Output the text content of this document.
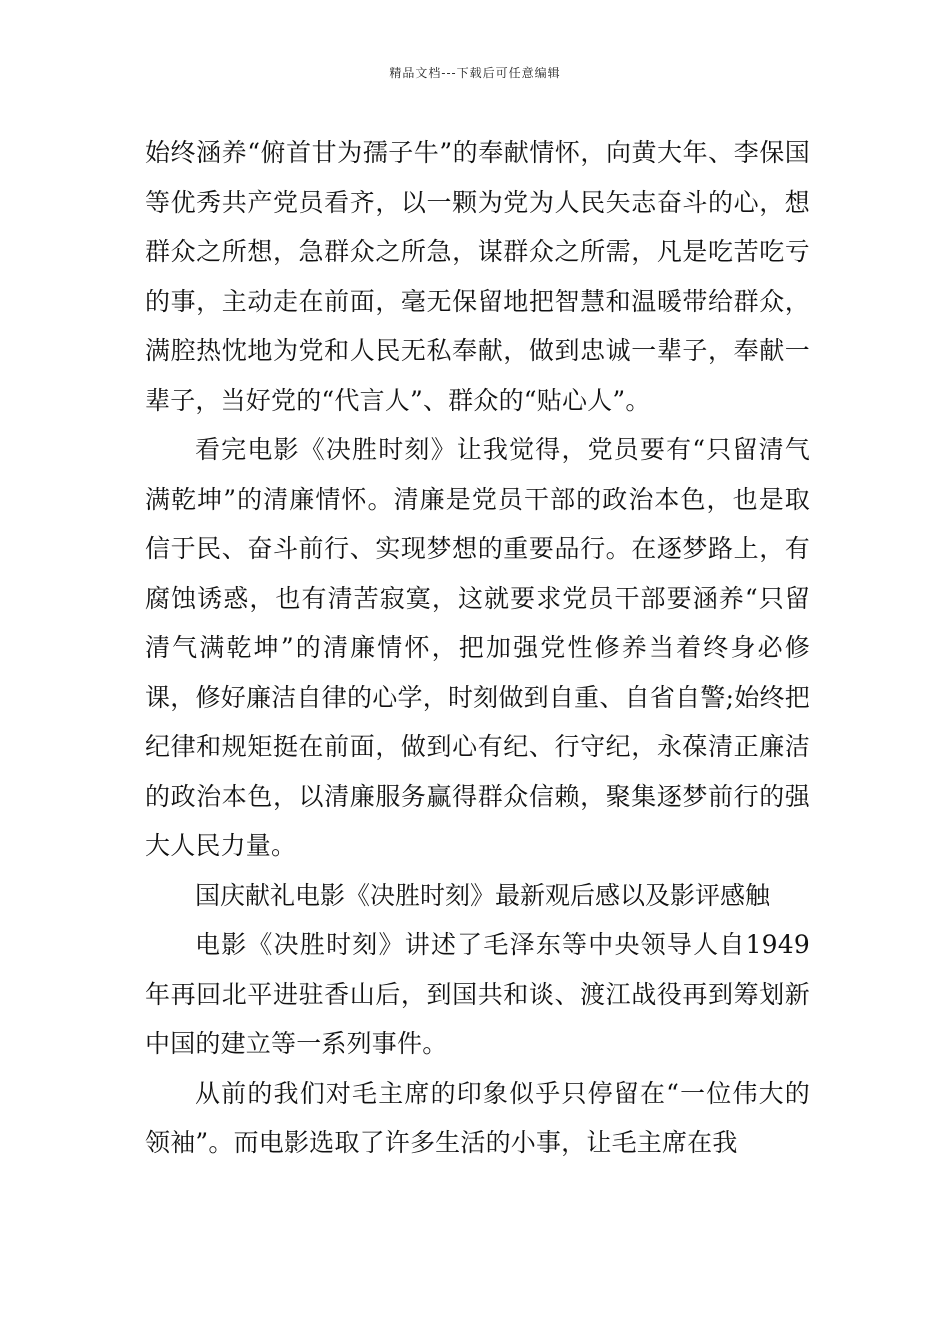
精品文档---下载后可任意编辑

始终涵养“俯首甘为孺子牛”的奉献情怀，向黄大年、李保国等优秀共产党员看齐，以一颗为党为人民矢志奋斗的心，想群众之所想，急群众之所急，谋群众之所需，凡是吃苦吃亏的事，主动走在前面，毫无保留地把智慧和温暖带给群众，满腔热忱地为党和人民无私奉献，做到忠诚一辈子，奉献一辈子，当好党的“代言人”、群众的“贴心人”。

看完电影《决胜时刻》让我觉得，党员要有“只留清气满乾坤”的清廉情怀。清廉是党员干部的政治本色，也是取信于民、奋斗前行、实现梦想的重要品行。在逐梦路上，有腐蚀诱惑，也有清苦寂寞，这就要求党员干部要涵养“只留清气满乾坤”的清廉情怀，把加强党性修养当着终身必修课，修好廉洁自律的心学，时刻做到自重、自省自警;始终把纪律和规矩挺在前面，做到心有纪、行守纪，永葆清正廉洁的政治本色，以清廉服务赢得群众信赖，聚集逐梦前行的强大人民力量。

国庆献礼电影《决胜时刻》最新观后感以及影评感触

电影《决胜时刻》讲述了毛泽东等中央领导人自1949年再回北平进驻香山后，到国共和谈、渡江战役再到筹划新中国的建立等一系列事件。

从前的我们对毛主席的印象似乎只停留在“一位伟大的领袖”。而电影选取了许多生活的小事，让毛主席在我
